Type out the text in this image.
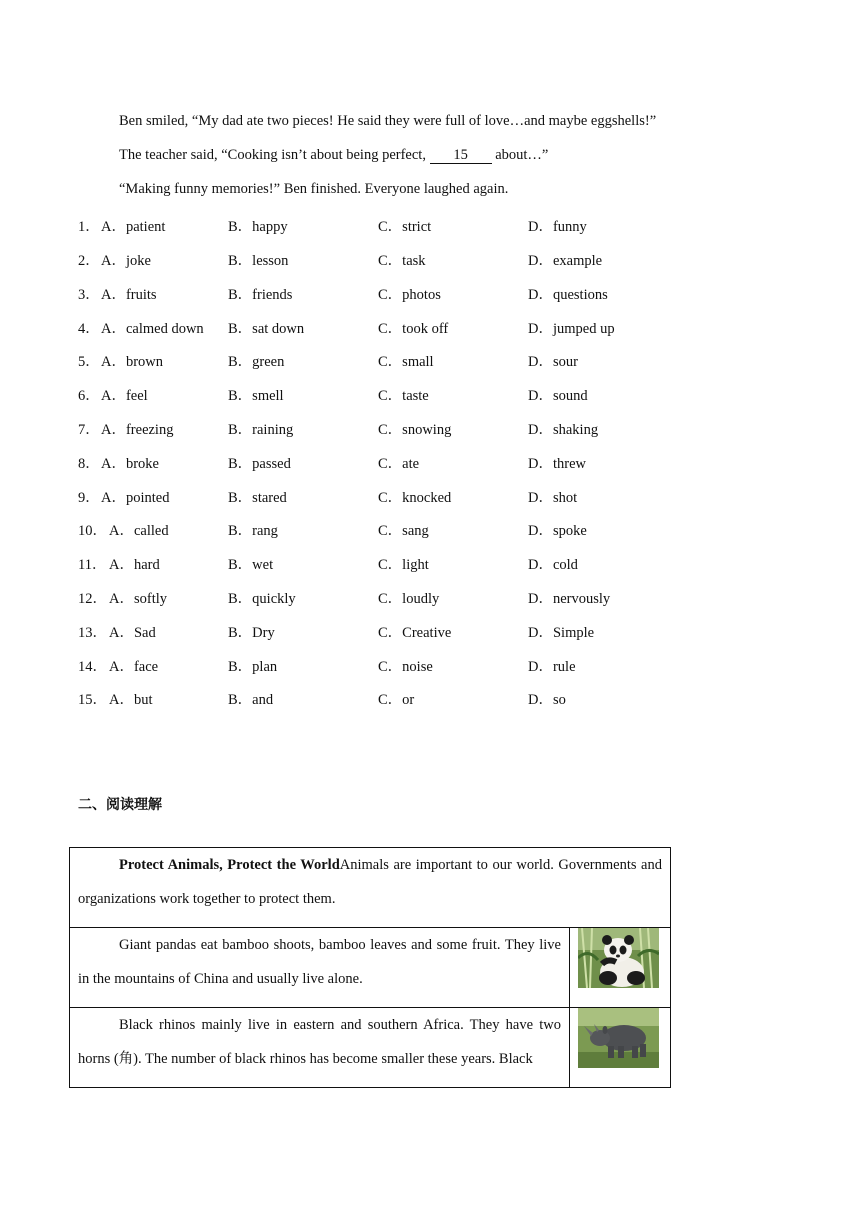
Ben smiled, “My dad ate two pieces! He said they were full of love…and maybe eggshells!”
The teacher said, “Cooking isn’t about being perfect, 15 about…”
“Making funny memories!” Ben finished. Everyone laughed again.
1． A．patient	B．happy	C．strict	D．funny
2． A．joke	B．lesson	C．task	D．example
3． A．fruits	B．friends	C．photos	D．questions
4． A．calmed down B．sat down	C．took off	D．jumped up
5． A．brown	B．green	C．small	D．sour
6． A．feel	B．smell	C．taste	D．sound
7． A．freezing	B．raining	C．snowing	D．shaking
8． A．broke	B．passed	C．ate	D．threw
9． A．pointed	B．stared	C．knocked	D．shot
10． A．called	B．rang	C．sang	D．spoke
11． A．hard	B．wet	C．light	D．cold
12． A．softly	B．quickly	C．loudly	D．nervously
13． A．Sad	B．Dry	C．Creative	D．Simple
14． A．face	B．plan	C．noise	D．rule
15． A．but	B．and	C．or	D．so
二、阅读理解
Protect Animals, Protect the WorldAnimals are important to our world. Governments and organizations work together to protect them.	
Giant pandas eat bamboo shoots, bamboo leaves and some fruit. They live in the mountains of China and usually live alone.	

Black rhinos mainly live in eastern and southern Africa. They have two horns (角). The number of black rhinos has become smaller these years. Black	
